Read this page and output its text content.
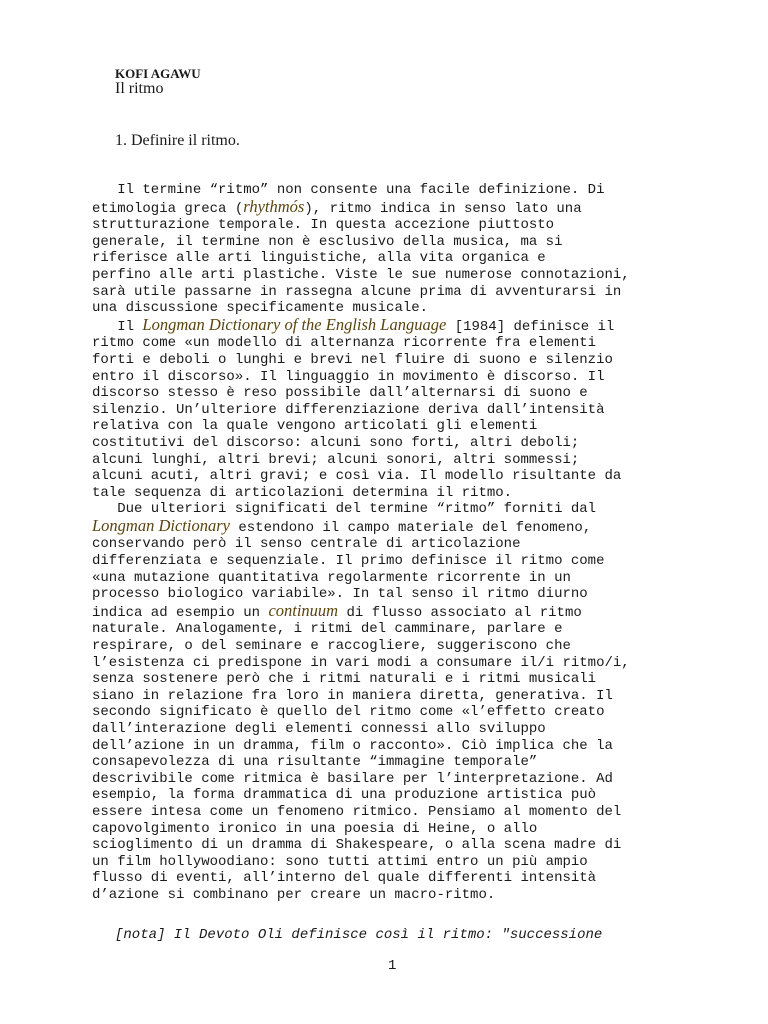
KOFI AGAWU
Il ritmo
1. Definire il ritmo.

Il termine “ritmo” non consente una facile definizione. Di
etimologia greca (rhythmós), ritmo indica in senso lato una
strutturazione temporale. In questa accezione piuttosto
generale, il termine non è esclusivo della musica, ma si
riferisce alle arti linguistiche, alla vita organica e
perfino alle arti plastiche. Viste le sue numerose connotazioni,
sarà utile passarne in rassegna alcune prima di avventurarsi in
una discussione specificamente musicale.

Il Longman Dictionary of the English Language [1984] definisce il
ritmo come «un modello di alternanza ricorrente fra elementi
forti e deboli o lunghi e brevi nel fluire di suono e silenzio
entro il discorso». Il linguaggio in movimento è discorso. Il
discorso stesso è reso possibile dall’alternarsi di suono e
silenzio. Un’ulteriore differenziazione deriva dall’intensità
relativa con la quale vengono articolati gli elementi
costitutivi del discorso: alcuni sono forti, altri deboli;
alcuni lunghi, altri brevi; alcuni sonori, altri sommessi;
alcuni acuti, altri gravi; e così via. Il modello risultante da
tale sequenza di articolazioni determina il ritmo.

Due ulteriori significati del termine “ritmo” forniti dal
Longman Dictionary estendono il campo materiale del fenomeno,
conservando però il senso centrale di articolazione
differenziata e sequenziale. Il primo definisce il ritmo come
«una mutazione quantitativa regolarmente ricorrente in un
processo biologico variabile». In tal senso il ritmo diurno
indica ad esempio un continuum di flusso associato al ritmo
naturale. Analogamente, i ritmi del camminare, parlare e
respirare, o del seminare e raccogliere, suggeriscono che
l’esistenza ci predispone in vari modi a consumare il/i ritmo/i,
senza sostenere però che i ritmi naturali e i ritmi musicali
siano in relazione fra loro in maniera diretta, generativa. Il
secondo significato è quello del ritmo come «l’effetto creato
dall’interazione degli elementi connessi allo sviluppo
dell’azione in un dramma, film o racconto». Ciò implica che la
consapevolezza di una risultante “immagine temporale”
descrivibile come ritmica è basilare per l’interpretazione. Ad
esempio, la forma drammatica di una produzione artistica può
essere intesa come un fenomeno ritmico. Pensiamo al momento del
capovolgimento ironico in una poesia di Heine, o allo
scioglimento di un dramma di Shakespeare, o alla scena madre di
un film hollywoodiano: sono tutti attimi entro un più ampio
flusso di eventi, all’interno del quale differenti intensità
d’azione si combinano per creare un macro-ritmo.

[nota] Il Devoto Oli definisce così il ritmo: "successione
1
